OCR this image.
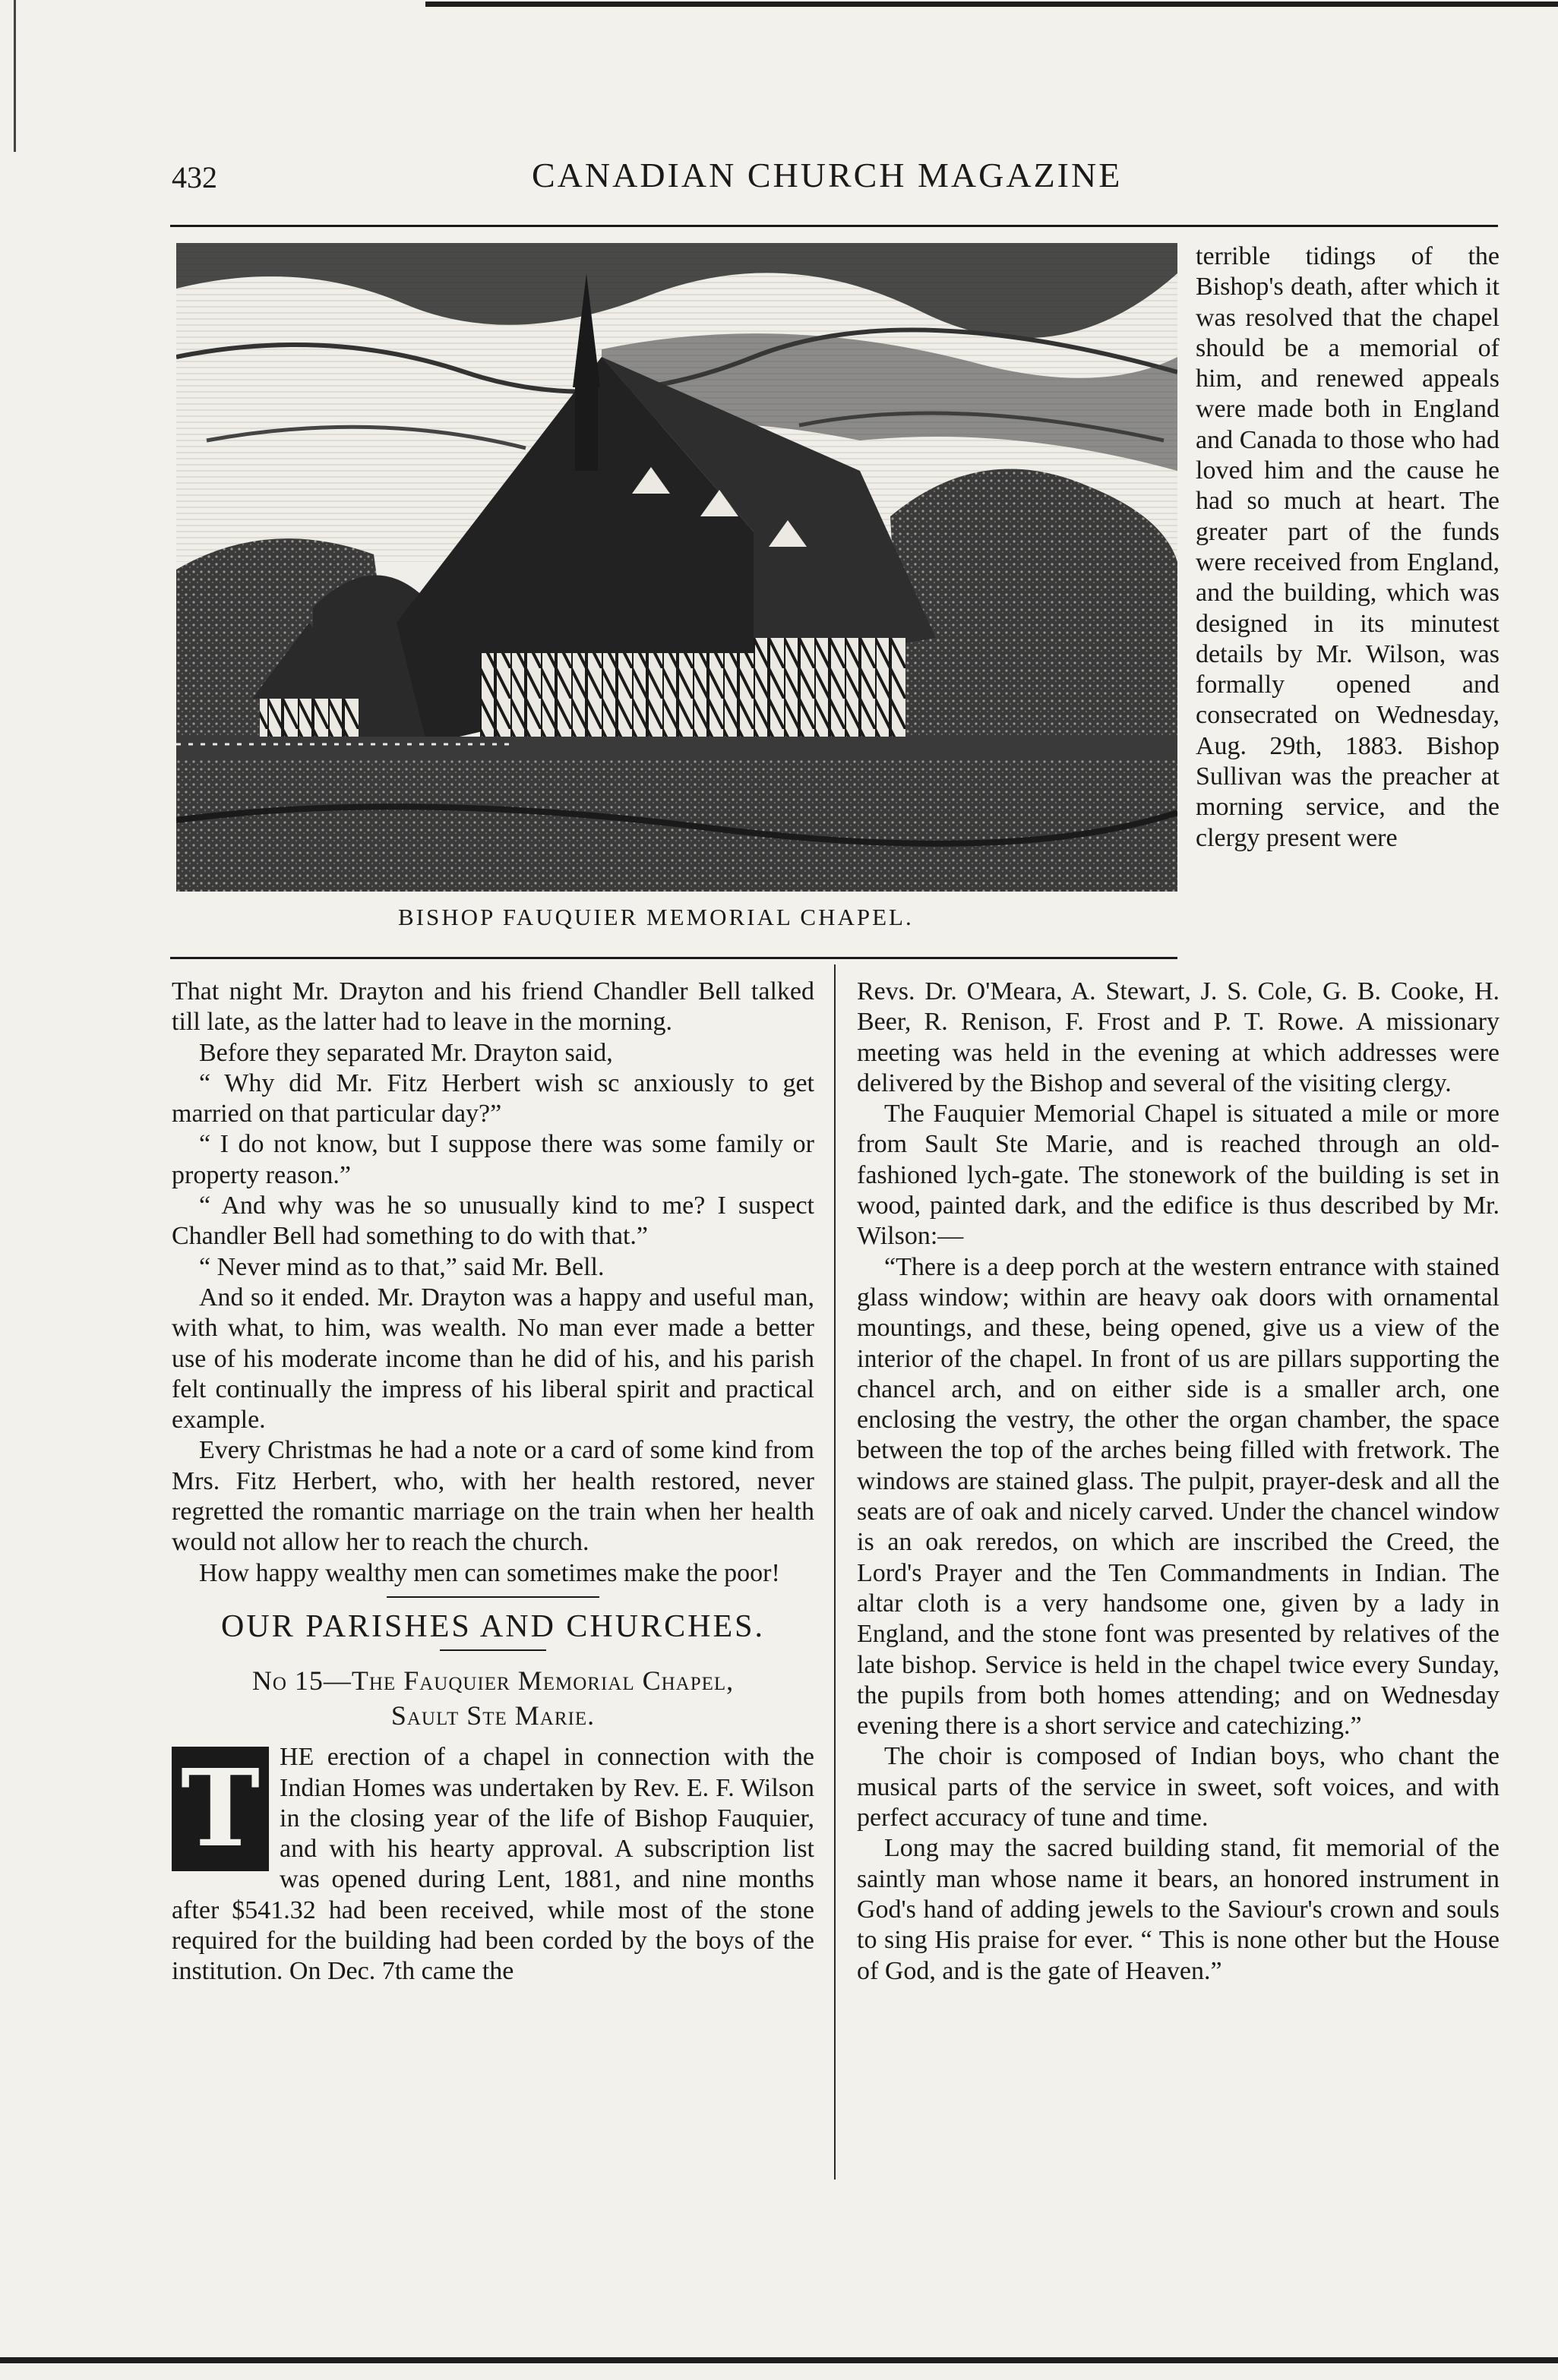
432	CANADIAN CHURCH MAGAZINE
BISHOP FAUQUIER MEMORIAL CHAPEL.

terrible tidings of the Bishop's death, after which it was resolved that the chapel should be a memorial of him, and renewed appeals were made both in England and Canada to those who had loved him and the cause he had so much at heart. The greater part of the funds were received from England, and the building, which was designed in its minutest details by Mr. Wilson, was formally opened and consecrated on Wednesday, Aug. 29th, 1883. Bishop Sullivan was the preacher at morning service, and the clergy present were

That night Mr. Drayton and his friend Chandler Bell talked till late, as the latter had to leave in the morning.

Before they separated Mr. Drayton said,

“ Why did Mr. Fitz Herbert wish sc anxiously to get married on that particular day?”

“ I do not know, but I suppose there was some family or property reason.”

“ And why was he so unusually kind to me? I suspect Chandler Bell had something to do with that.”

“ Never mind as to that,” said Mr. Bell.

And so it ended. Mr. Drayton was a happy and useful man, with what, to him, was wealth. No man ever made a better use of his moderate income than he did of his, and his parish felt continually the impress of his liberal spirit and practical example.

Every Christmas he had a note or a card of some kind from Mrs. Fitz Herbert, who, with her health restored, never regretted the romantic marriage on the train when her health would not allow her to reach the church.

How happy wealthy men can sometimes make the poor!

OUR PARISHES AND CHURCHES.
No 15—The Fauquier Memorial Chapel,
Sault Ste Marie.

T HE erection of a chapel in connection with the Indian Homes was undertaken by Rev. E. F. Wilson in the closing year of the life of Bishop Fauquier, and with his hearty approval. A subscription list was opened during Lent, 1881, and nine months after $541.32 had been received, while most of the stone required for the building had been corded by the boys of the institution. On Dec. 7th came the

Revs. Dr. O'Meara, A. Stewart, J. S. Cole, G. B. Cooke, H. Beer, R. Renison, F. Frost and P. T. Rowe. A missionary meeting was held in the evening at which addresses were delivered by the Bishop and several of the visiting clergy.

The Fauquier Memorial Chapel is situated a mile or more from Sault Ste Marie, and is reached through an old-fashioned lych-gate. The stonework of the building is set in wood, painted dark, and the edifice is thus described by Mr. Wilson:—

“There is a deep porch at the western entrance with stained glass window; within are heavy oak doors with ornamental mountings, and these, being opened, give us a view of the interior of the chapel. In front of us are pillars supporting the chancel arch, and on either side is a smaller arch, one enclosing the vestry, the other the organ chamber, the space between the top of the arches being filled with fretwork. The windows are stained glass. The pulpit, prayer-desk and all the seats are of oak and nicely carved. Under the chancel window is an oak reredos, on which are inscribed the Creed, the Lord's Prayer and the Ten Commandments in Indian. The altar cloth is a very handsome one, given by a lady in England, and the stone font was presented by relatives of the late bishop. Service is held in the chapel twice every Sunday, the pupils from both homes attending; and on Wednesday evening there is a short service and catechizing.”

The choir is composed of Indian boys, who chant the musical parts of the service in sweet, soft voices, and with perfect accuracy of tune and time.

Long may the sacred building stand, fit memorial of the saintly man whose name it bears, an honored instrument in God's hand of adding jewels to the Saviour's crown and souls to sing His praise for ever. “ This is none other but the House of God, and is the gate of Heaven.”
